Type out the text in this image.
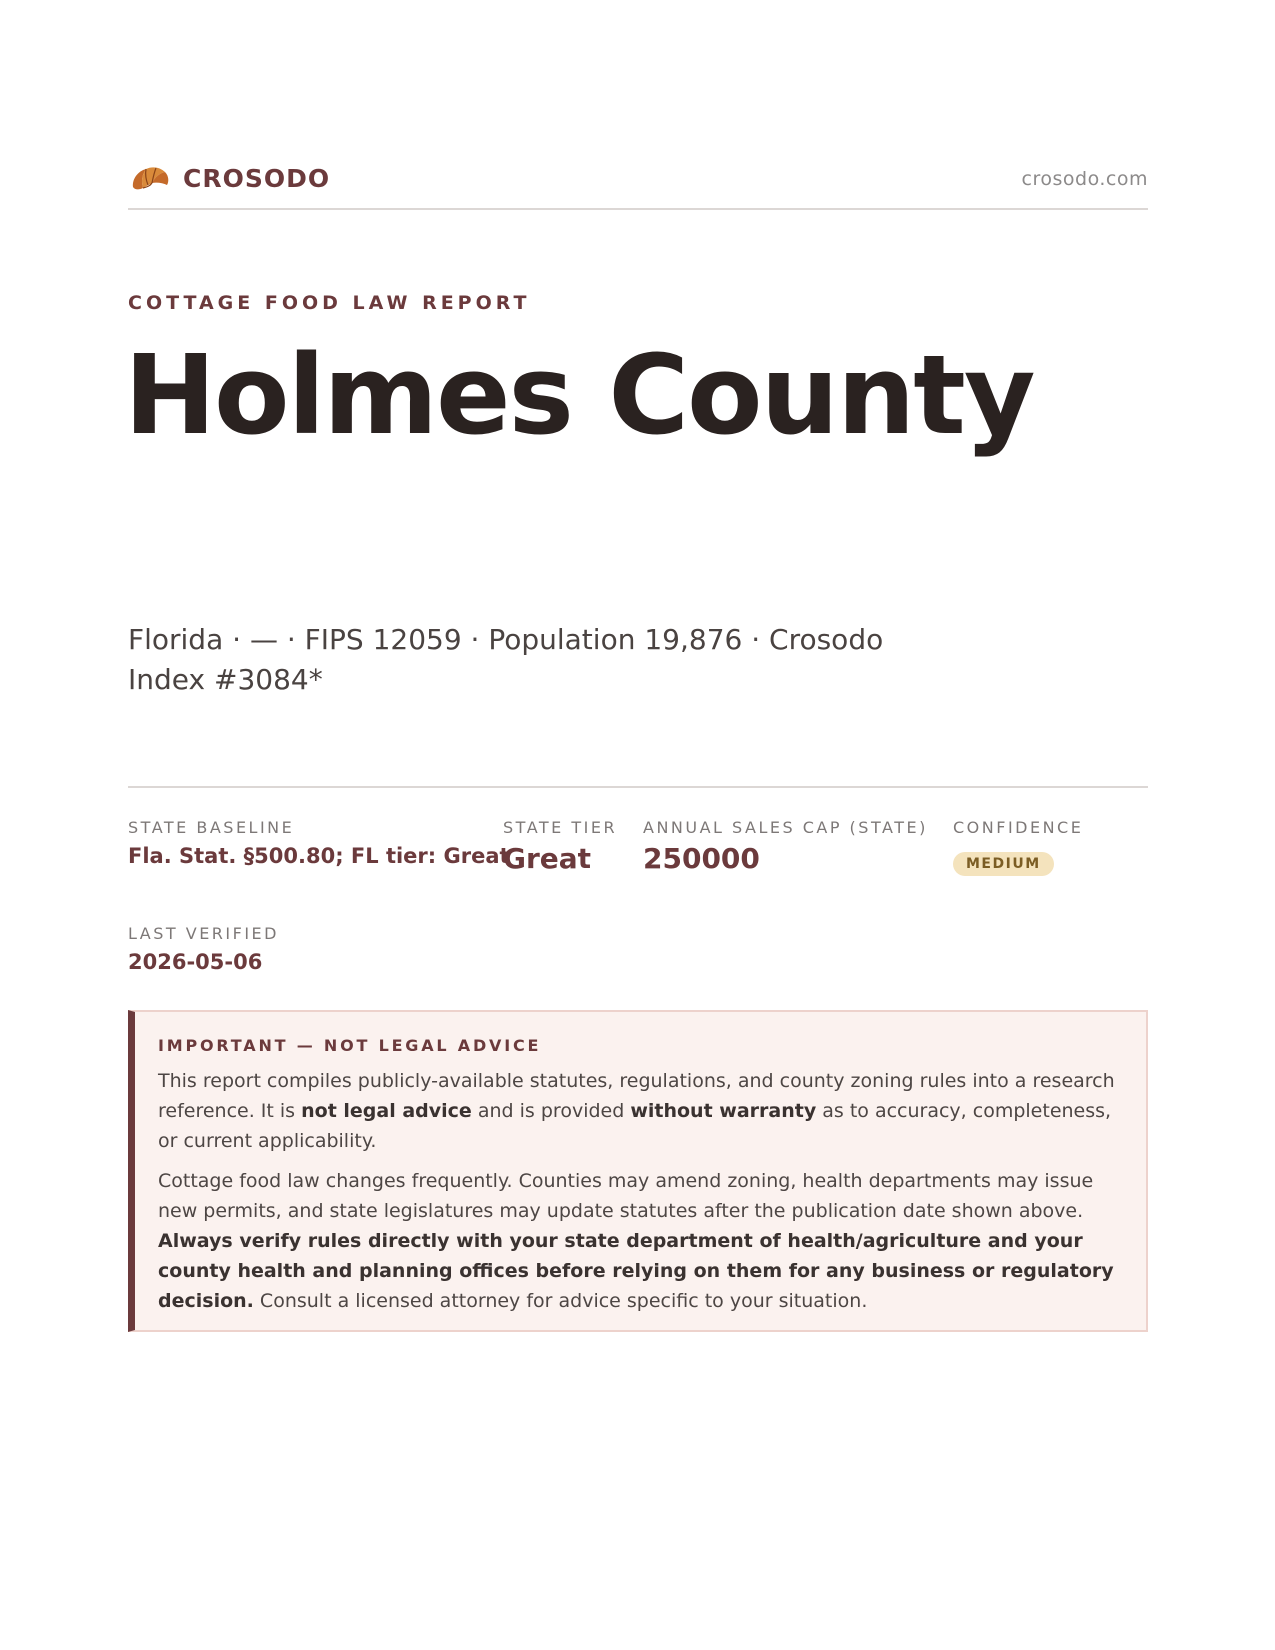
CROSODO	crosodo.com
COTTAGE FOOD LAW REPORT
Holmes County
Florida · — · FIPS 12059 · Population 19,876 · Crosodo Index #3084*
STATE BASELINE
Fla. Stat. §500.80; FL tier: Great
STATE TIER
Great
ANNUAL SALES CAP (STATE)
250000
CONFIDENCE
MEDIUM
LAST VERIFIED
2026-05-06
IMPORTANT — NOT LEGAL ADVICE

This report compiles publicly-available statutes, regulations, and county zoning rules into a research reference. It is not legal advice and is provided without warranty as to accuracy, completeness, or current applicability.

Cottage food law changes frequently. Counties may amend zoning, health departments may issue new permits, and state legislatures may update statutes after the publication date shown above. Always verify rules directly with your state department of health/agriculture and your county health and planning offices before relying on them for any business or regulatory decision. Consult a licensed attorney for advice specific to your situation.
